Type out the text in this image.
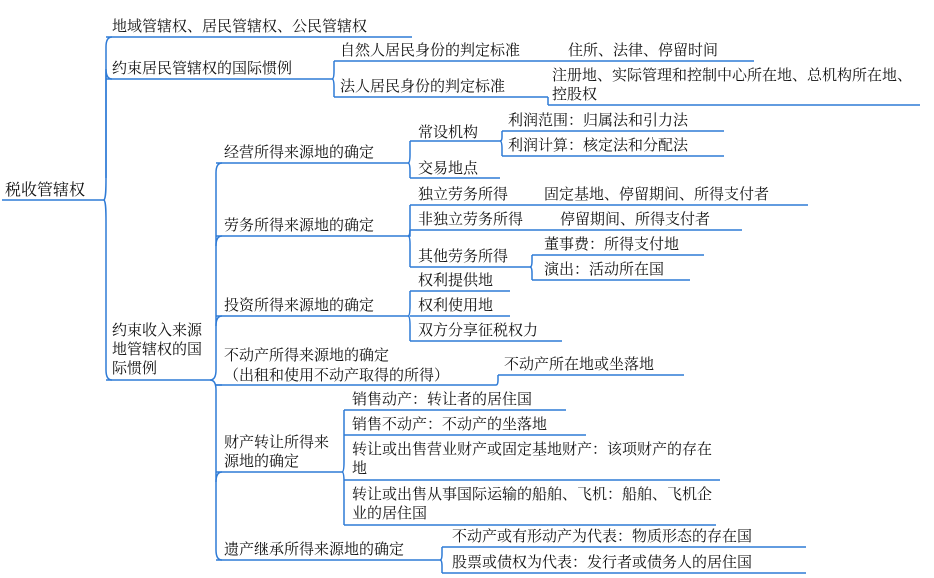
税收管辖权
地域管辖权、居民管辖权、公民管辖权
约束居民管辖权的国际惯例
自然人居民身份的判定标准	住所、法律、停留时间
法人居民身份的判定标准
注册地、实际管理和控制中心所在地、总机构所在地、控股权
约束收入来源地管辖权的国际惯例
经营所得来源地的确定
常设机构
利润范围：归属法和引力法
利润计算：核定法和分配法
交易地点
劳务所得来源地的确定
独立劳务所得 固定基地、停留期间、所得支付者
非独立劳务所得 停留期间、所得支付者
其他劳务所得
董事费：所得支付地
演出：活动所在国
投资所得来源地的确定
权利提供地
权利使用地
双方分享征税权力
不动产所得来源地的确定
（出租和使用不动产取得的所得）
不动产所在地或坐落地
财产转让所得来源地的确定
销售动产：转让者的居住国
销售不动产：不动产的坐落地
转让或出售营业财产或固定基地财产：该项财产的存在地
转让或出售从事国际运输的船舶、飞机：船舶、飞机企业的居住国
遗产继承所得来源地的确定
不动产或有形动产为代表：物质形态的存在国
股票或债权为代表：发行者或债务人的居住国
